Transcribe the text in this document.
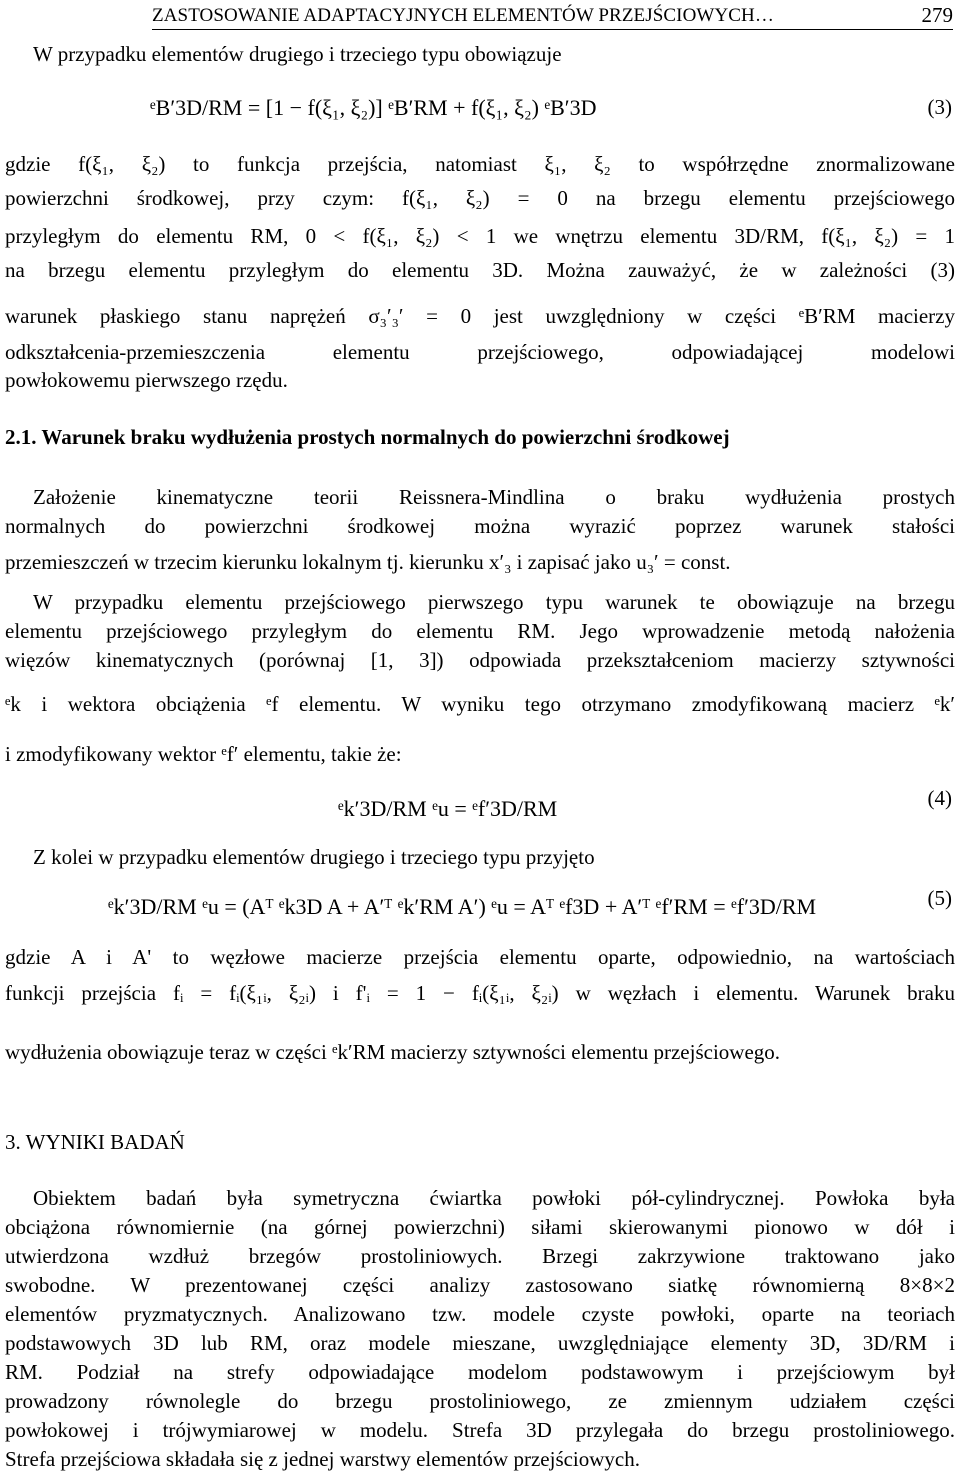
ZASTOSOWANIE ADAPTACYJNYCH ELEMENTÓW PRZEJŚCIOWYCH…	279
W przypadku elementów drugiego i trzeciego typu obowiązuje
ᵉB′3D/RM = [1 − f(ξ₁, ξ₂)] ᵉB′RM + f(ξ₁, ξ₂) ᵉB′3D	(3)
gdzie f(ξ₁, ξ₂) to funkcja przejścia, natomiast ξ₁, ξ₂ to współrzędne znormalizowane
powierzchni środkowej, przy czym: f(ξ₁, ξ₂) = 0 na brzegu elementu przejściowego
przyległym do elementu RM, 0 < f(ξ₁, ξ₂) < 1 we wnętrzu elementu 3D/RM, f(ξ₁, ξ₂) = 1
na brzegu elementu przyległym do elementu 3D. Można zauważyć, że w zależności (3)
warunek płaskiego stanu naprężeń σ₃′₃′ = 0 jest uwzględniony w części ᵉB′RM macierzy
odkształcenia-przemieszczenia elementu przejściowego, odpowiadającej modelowi
powłokowemu pierwszego rzędu.
2.1. Warunek braku wydłużenia prostych normalnych do powierzchni środkowej
Założenie kinematyczne teorii Reissnera-Mindlina o braku wydłużenia prostych
normalnych do powierzchni środkowej można wyrazić poprzez warunek stałości
przemieszczeń w trzecim kierunku lokalnym tj. kierunku x′₃ i zapisać jako u₃′ = const.
W przypadku elementu przejściowego pierwszego typu warunek te obowiązuje na brzegu
elementu przejściowego przyległym do elementu RM. Jego wprowadzenie metodą nałożenia
więzów kinematycznych (porównaj [1, 3]) odpowiada przekształceniom macierzy sztywności
ᵉk i wektora obciążenia ᵉf elementu. W wyniku tego otrzymano zmodyfikowaną macierz ᵉk′
i zmodyfikowany wektor ᵉf′ elementu, takie że:
ᵉk′3D/RM ᵉu = ᵉf′3D/RM	(4)
Z kolei w przypadku elementów drugiego i trzeciego typu przyjęto
ᵉk′3D/RM ᵉu = (Aᵀ ᵉk3D A + A′ᵀ ᵉk′RM A′) ᵉu = Aᵀ ᵉf3D + A′ᵀ ᵉf′RM = ᵉf′3D/RM	(5)
gdzie A i A' to węzłowe macierze przejścia elementu oparte, odpowiednio, na wartościach
funkcji przejścia fᵢ = fᵢ(ξ₁ᵢ, ξ₂ᵢ) i f'ᵢ = 1 − fᵢ(ξ₁ᵢ, ξ₂ᵢ) w węzłach i elementu. Warunek braku
wydłużenia obowiązuje teraz w części ᵉk′RM macierzy sztywności elementu przejściowego.
3. WYNIKI BADAŃ
Obiektem badań była symetryczna ćwiartka powłoki pół-cylindrycznej. Powłoka była
obciążona równomiernie (na górnej powierzchni) siłami skierowanymi pionowo w dół i
utwierdzona wzdłuż brzegów prostoliniowych. Brzegi zakrzywione traktowano jako
swobodne. W prezentowanej części analizy zastosowano siatkę równomierną 8×8×2
elementów pryzmatycznych. Analizowano tzw. modele czyste powłoki, oparte na teoriach
podstawowych 3D lub RM, oraz modele mieszane, uwzględniające elementy 3D, 3D/RM i
RM. Podział na strefy odpowiadające modelom podstawowym i przejściowym był
prowadzony równolegle do brzegu prostoliniowego, ze zmiennym udziałem części
powłokowej i trójwymiarowej w modelu. Strefa 3D przylegała do brzegu prostoliniowego.
Strefa przejściowa składała się z jednej warstwy elementów przejściowych.
